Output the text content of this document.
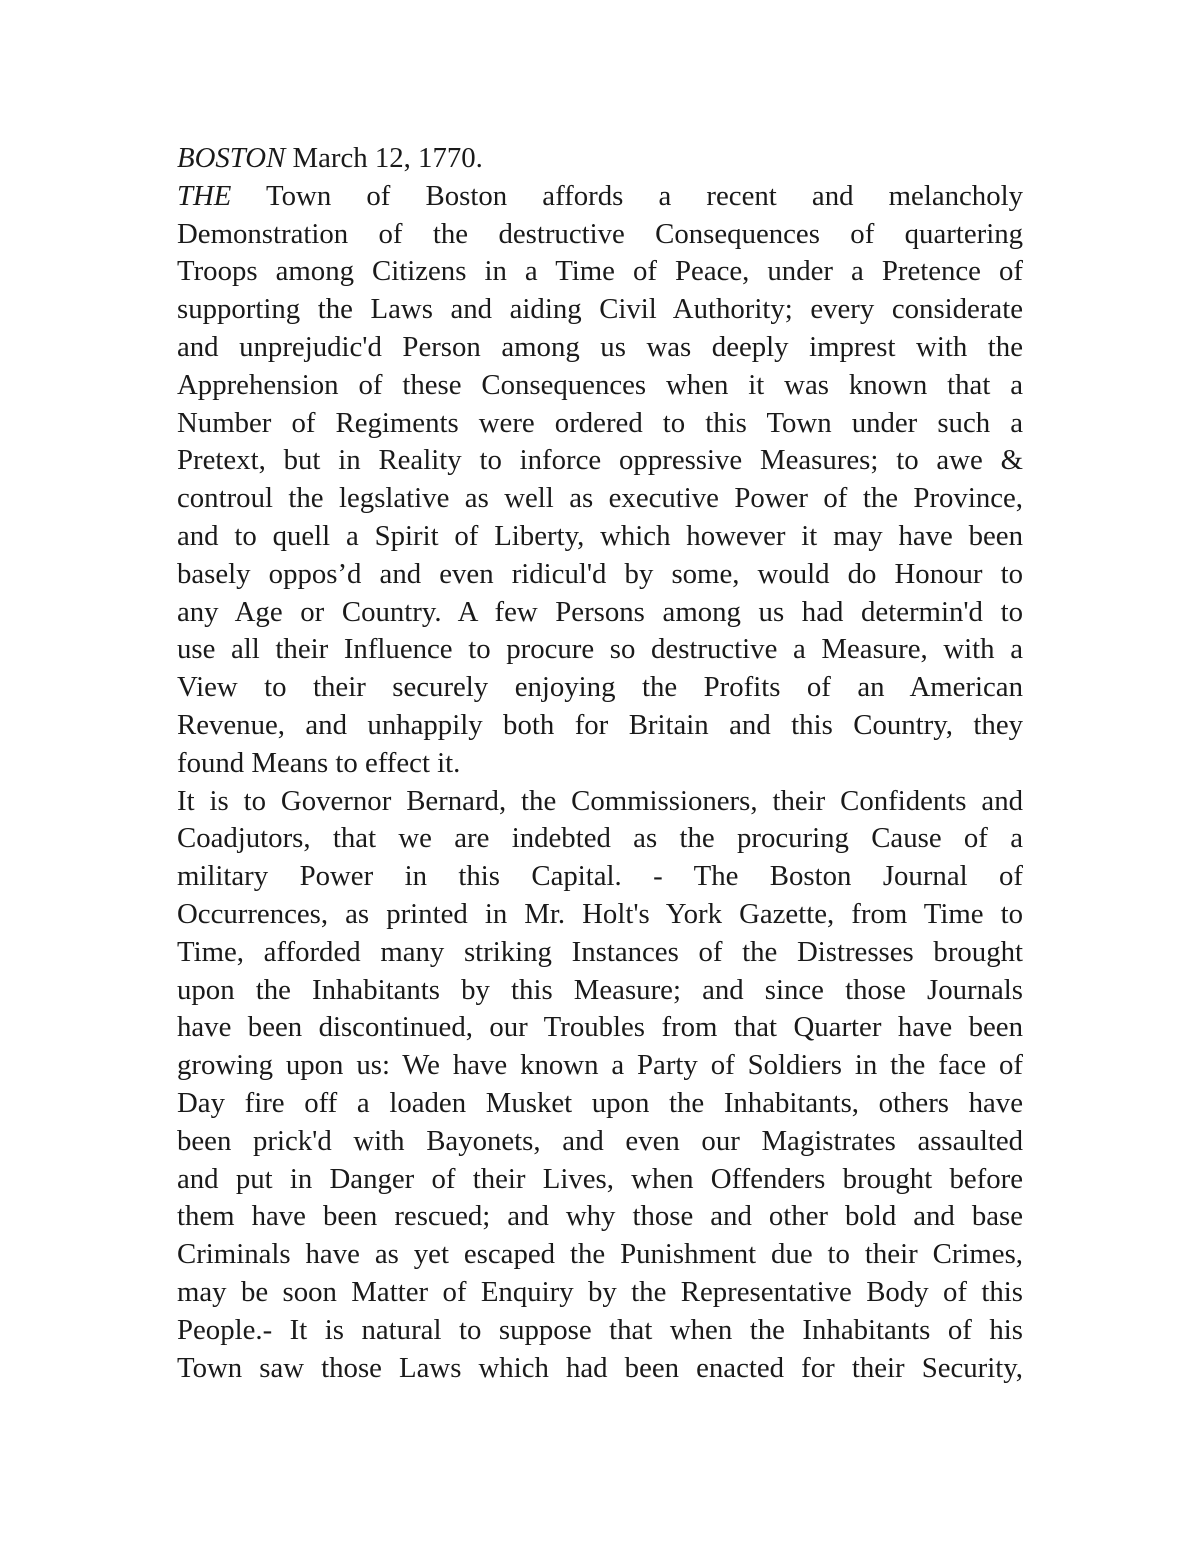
BOSTON March 12, 1770.
THE Town of Boston affords a recent and melancholy
Demonstration of the destructive Consequences of quartering
Troops among Citizens in a Time of Peace, under a Pretence of
supporting the Laws and aiding Civil Authority; every considerate
and unprejudic'd Person among us was deeply imprest with the
Apprehension of these Consequences when it was known that a
Number of Regiments were ordered to this Town under such a
Pretext, but in Reality to inforce oppressive Measures; to awe &
controul the legslative as well as executive Power of the Province,
and to quell a Spirit of Liberty, which however it may have been
basely oppos’d and even ridicul'd by some, would do Honour to
any Age or Country. A few Persons among us had determin'd to
use all their Influence to procure so destructive a Measure, with a
View to their securely enjoying the Profits of an American
Revenue, and unhappily both for Britain and this Country, they
found Means to effect it.
It is to Governor Bernard, the Commissioners, their Confidents and
Coadjutors, that we are indebted as the procuring Cause of a
military Power in this Capital. - The Boston Journal of
Occurrences, as printed in Mr. Holt's York Gazette, from Time to
Time, afforded many striking Instances of the Distresses brought
upon the Inhabitants by this Measure; and since those Journals
have been discontinued, our Troubles from that Quarter have been
growing upon us: We have known a Party of Soldiers in the face of
Day fire off a loaden Musket upon the Inhabitants, others have
been prick'd with Bayonets, and even our Magistrates assaulted
and put in Danger of their Lives, when Offenders brought before
them have been rescued; and why those and other bold and base
Criminals have as yet escaped the Punishment due to their Crimes,
may be soon Matter of Enquiry by the Representative Body of this
People.- It is natural to suppose that when the Inhabitants of his
Town saw those Laws which had been enacted for their Security,
